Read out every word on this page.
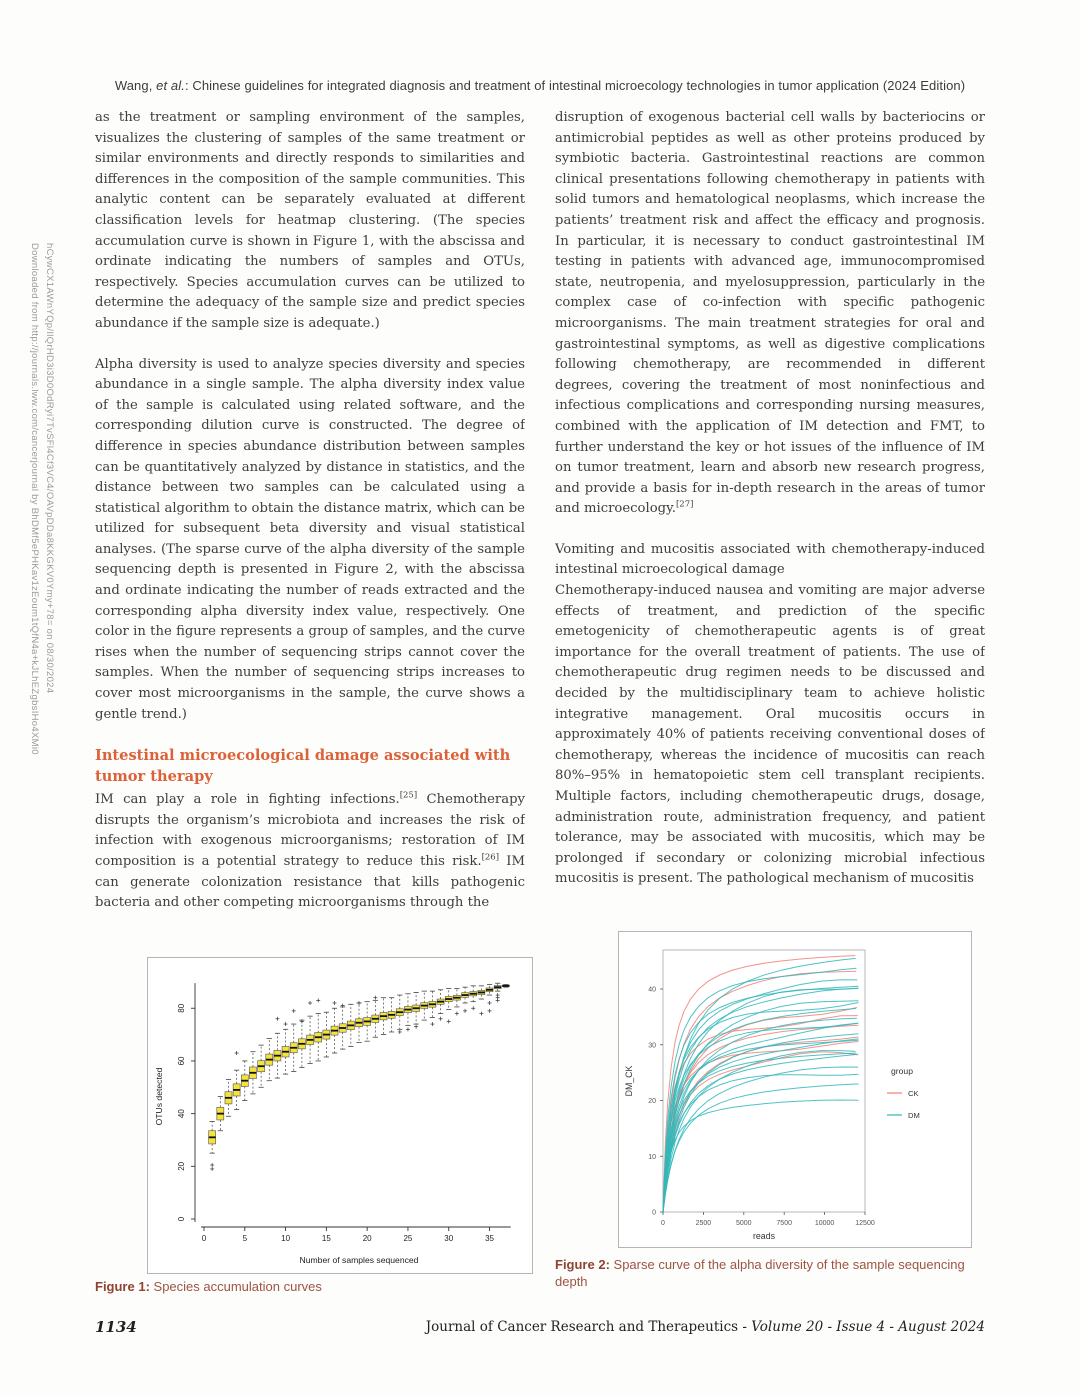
Wang, et al.: Chinese guidelines for integrated diagnosis and treatment of intestinal microecology technologies in tumor application (2024 Edition)
Downloaded from http://journals.lww.com/cancerjournal by BhDMf5ePHKav1zEoum1tQfN4a+kJLhEZgbsIHo4XMi0 hCywCX1AWnYQp/IlQrHD3i3D0OdRyi7TvSFl4Cf3VC4/OAVpDDa8KKGKV0Ymy+78= on 08/30/2024

as the treatment or sampling environment of the samples, visualizes the clustering of samples of the same treatment or similar environments and directly responds to similarities and differences in the composition of the sample communities. This analytic content can be separately evaluated at different classification levels for heatmap clustering. (The species accumulation curve is shown in Figure 1, with the abscissa and ordinate indicating the numbers of samples and OTUs, respectively. Species accumulation curves can be utilized to determine the adequacy of the sample size and predict species abundance if the sample size is adequate.)

Alpha diversity is used to analyze species diversity and species abundance in a single sample. The alpha diversity index value of the sample is calculated using related software, and the corresponding dilution curve is constructed. The degree of difference in species abundance distribution between samples can be quantitatively analyzed by distance in statistics, and the distance between two samples can be calculated using a statistical algorithm to obtain the distance matrix, which can be utilized for subsequent beta diversity and visual statistical analyses. (The sparse curve of the alpha diversity of the sample sequencing depth is presented in Figure 2, with the abscissa and ordinate indicating the number of reads extracted and the corresponding alpha diversity index value, respectively. One color in the figure represents a group of samples, and the curve rises when the number of sequencing strips cannot cover the samples. When the number of sequencing strips increases to cover most microorganisms in the sample, the curve shows a gentle trend.)

Intestinal microecological damage associated with tumor therapy

IM can play a role in fighting infections.[25] Chemotherapy disrupts the organism’s microbiota and increases the risk of infection with exogenous microorganisms; restoration of IM composition is a potential strategy to reduce this risk.[26] IM can generate colonization resistance that kills pathogenic bacteria and other competing microorganisms through the

disruption of exogenous bacterial cell walls by bacteriocins or antimicrobial peptides as well as other proteins produced by symbiotic bacteria. Gastrointestinal reactions are common clinical presentations following chemotherapy in patients with solid tumors and hematological neoplasms, which increase the patients’ treatment risk and affect the efficacy and prognosis. In particular, it is necessary to conduct gastrointestinal IM testing in patients with advanced age, immunocompromised state, neutropenia, and myelosuppression, particularly in the complex case of co-infection with specific pathogenic microorganisms. The main treatment strategies for oral and gastrointestinal symptoms, as well as digestive complications following chemotherapy, are recommended in different degrees, covering the treatment of most noninfectious and infectious complications and corresponding nursing measures, combined with the application of IM detection and FMT, to further understand the key or hot issues of the influence of IM on tumor treatment, learn and absorb new research progress, and provide a basis for in-depth research in the areas of tumor and microecology.[27]

Vomiting and mucositis associated with chemotherapy-induced intestinal microecological damage

Chemotherapy-induced nausea and vomiting are major adverse effects of treatment, and prediction of the specific emetogenicity of chemotherapeutic agents is of great importance for the overall treatment of patients. The use of chemotherapeutic drug regimen needs to be discussed and decided by the multidisciplinary team to achieve holistic integrative management. Oral mucositis occurs in approximately 40% of patients receiving conventional doses of chemotherapy, whereas the incidence of mucositis can reach 80%–95% in hematopoietic stem cell transplant recipients. Multiple factors, including chemotherapeutic drugs, dosage, administration route, administration frequency, and patient tolerance, may be associated with mucositis, which may be prolonged if secondary or colonizing microbial infectious mucositis is present. The pathological mechanism of mucositis

0	5	10	15	20	25	30	35
Number of samples sequenced
0
20
40
60
80
OTUs detected
Figure 1: Species accumulation curves
0	2500	5000	7500	10000	12500
reads
0
10
20
30
40
DM_CK	group
CK
DM
Figure 2: Sparse curve of the alpha diversity of the sample sequencing depth
1134	Journal of Cancer Research and Therapeutics - Volume 20 - Issue 4 - August 2024
